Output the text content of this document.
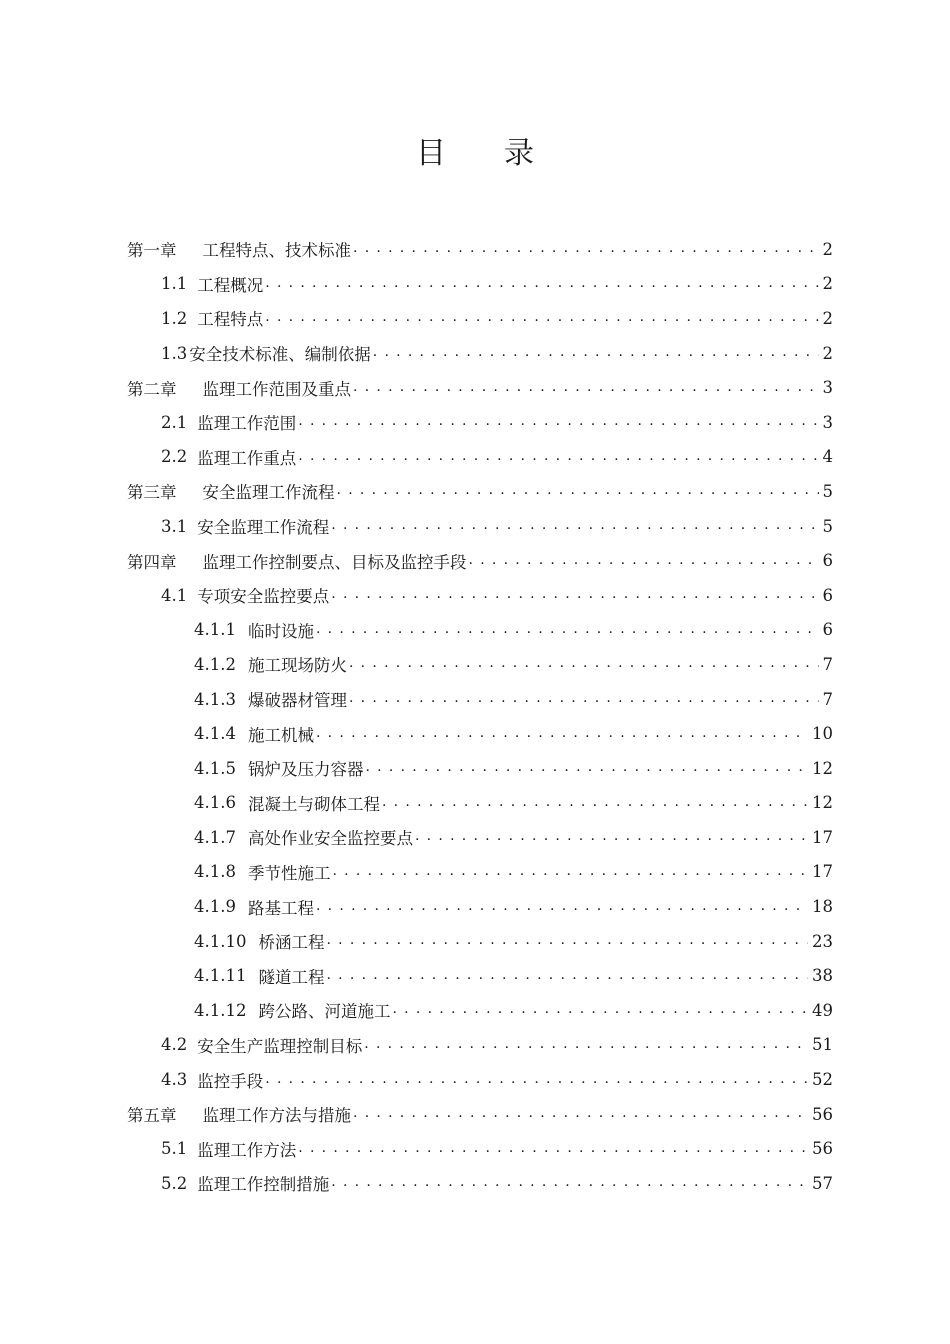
目 录
第一章 工程特点、技术标准 . . .	2
1.1 工程概况 . . .	2
1.2 工程特点 . . .	2
1.3 安全技术标准、编制依据 . . .	2
第二章 监理工作范围及重点 . . .	3
2.1 监理工作范围 . . .	3
2.2 监理工作重点 . . .	4
第三章 安全监理工作流程 . . .	5
3.1 安全监理工作流程 . . .	5
第四章 监理工作控制要点、目标及监控手段 . . .	6
4.1 专项安全监控要点 . . .	6
4.1.1 临时设施 . . .	6
4.1.2 施工现场防火 . . .	7
4.1.3 爆破器材管理 . . .	7
4.1.4 施工机械 . . .	10
4.1.5 锅炉及压力容器 . . .	12
4.1.6 混凝土与砌体工程 . . .	12
4.1.7 高处作业安全监控要点 . . .	17
4.1.8 季节性施工 . . .	17
4.1.9 路基工程 . . .	18
4.1.10 桥涵工程 . . .	23
4.1.11 隧道工程 . . .	38
4.1.12 跨公路、河道施工 . . .	49
4.2 安全生产监理控制目标 . . .	51
4.3 监控手段 . . .	52
第五章 监理工作方法与措施 . . .	56
5.1 监理工作方法 . . .	56
5.2 监理工作控制措施 . . .	57
